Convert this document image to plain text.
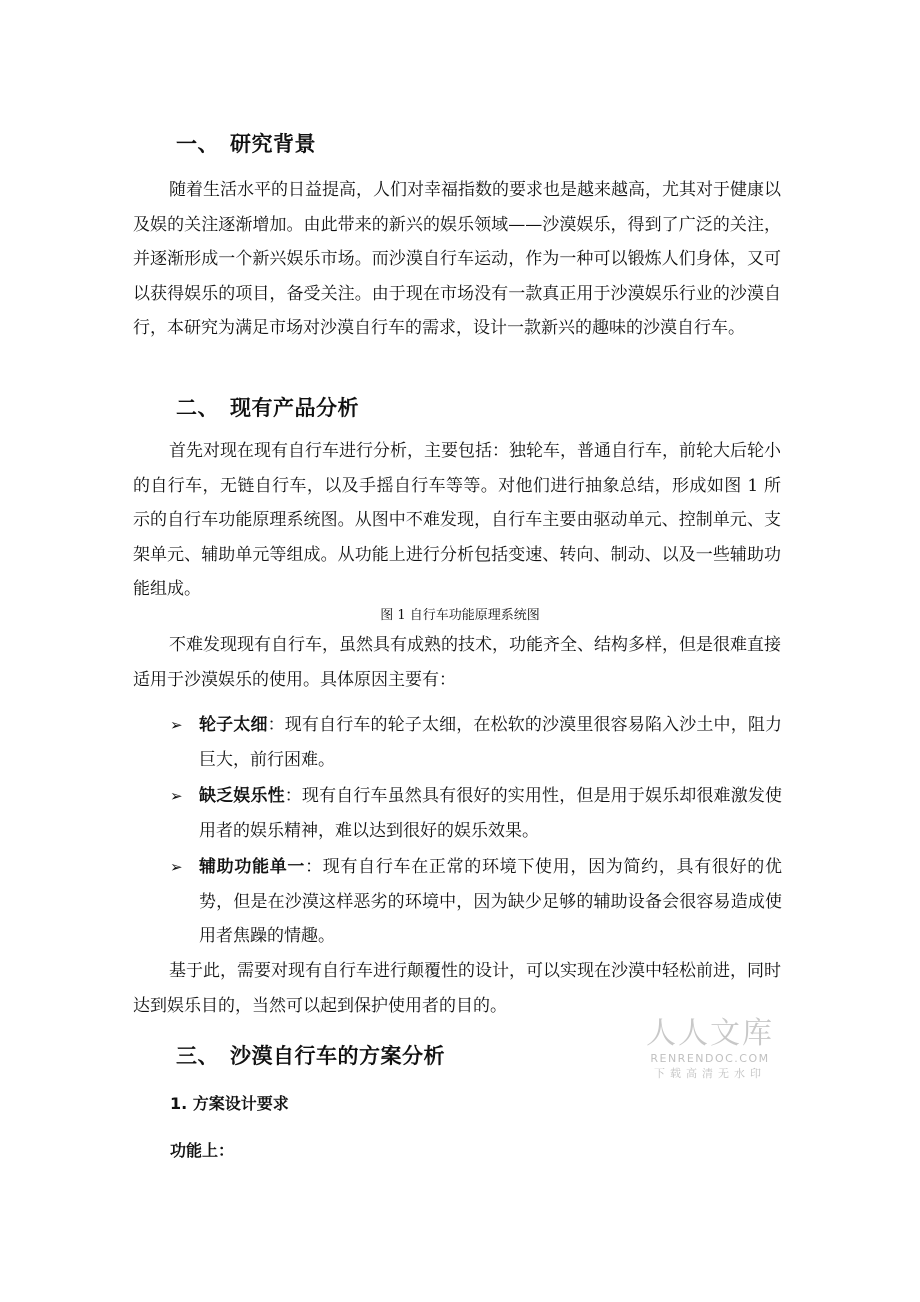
一、 研究背景

随着生活水平的日益提高，人们对幸福指数的要求也是越来越高，尤其对于健康以及娱的关注逐渐增加。由此带来的新兴的娱乐领域——沙漠娱乐，得到了广泛的关注，并逐渐形成一个新兴娱乐市场。而沙漠自行车运动，作为一种可以锻炼人们身体，又可以获得娱乐的项目，备受关注。由于现在市场没有一款真正用于沙漠娱乐行业的沙漠自行，本研究为满足市场对沙漠自行车的需求，设计一款新兴的趣味的沙漠自行车。

二、 现有产品分析

首先对现在现有自行车进行分析，主要包括：独轮车，普通自行车，前轮大后轮小的自行车，无链自行车，以及手摇自行车等等。对他们进行抽象总结，形成如图 1 所示的自行车功能原理系统图。从图中不难发现，自行车主要由驱动单元、控制单元、支架单元、辅助单元等组成。从功能上进行分析包括变速、转向、制动、以及一些辅助功能组成。

图 1 自行车功能原理系统图

不难发现现有自行车，虽然具有成熟的技术，功能齐全、结构多样，但是很难直接适用于沙漠娱乐的使用。具体原因主要有：

➢ 轮子太细：现有自行车的轮子太细，在松软的沙漠里很容易陷入沙土中，阻力巨大，前行困难。
➢ 缺乏娱乐性：现有自行车虽然具有很好的实用性，但是用于娱乐却很难激发使用者的娱乐精神，难以达到很好的娱乐效果。
➢ 辅助功能单一：现有自行车在正常的环境下使用，因为简约，具有很好的优势，但是在沙漠这样恶劣的环境中，因为缺少足够的辅助设备会很容易造成使用者焦躁的情趣。

基于此，需要对现有自行车进行颠覆性的设计，可以实现在沙漠中轻松前进，同时达到娱乐目的，当然可以起到保护使用者的目的。

三、 沙漠自行车的方案分析
1. 方案设计要求
功能上：
人人文库
RENRENDOC.COM
下载高清无水印
